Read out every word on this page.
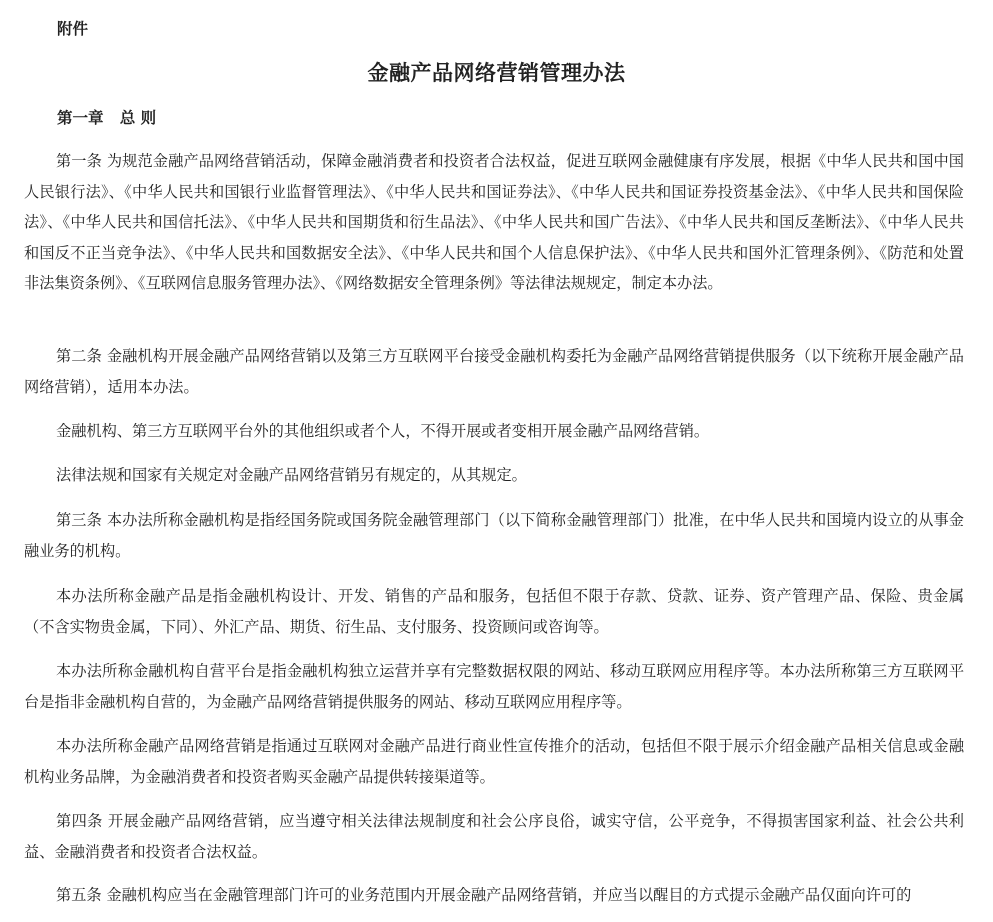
附件
金融产品网络营销管理办法
第一章   总 则

第一条 为规范金融产品网络营销活动，保障金融消费者和投资者合法权益，促进互联网金融健康有序发展，根据《中华人民共和国中国人民银行法》、《中华人民共和国银行业监督管理法》、《中华人民共和国证券法》、《中华人民共和国证券投资基金法》、《中华人民共和国保险法》、《中华人民共和国信托法》、《中华人民共和国期货和衍生品法》、《中华人民共和国广告法》、《中华人民共和国反垄断法》、《中华人民共和国反不正当竞争法》、《中华人民共和国数据安全法》、《中华人民共和国个人信息保护法》、《中华人民共和国外汇管理条例》、《防范和处置非法集资条例》、《互联网信息服务管理办法》、《网络数据安全管理条例》等法律法规规定，制定本办法。

第二条 金融机构开展金融产品网络营销以及第三方互联网平台接受金融机构委托为金融产品网络营销提供服务（以下统称开展金融产品网络营销），适用本办法。

金融机构、第三方互联网平台外的其他组织或者个人，不得开展或者变相开展金融产品网络营销。

法律法规和国家有关规定对金融产品网络营销另有规定的，从其规定。

第三条 本办法所称金融机构是指经国务院或国务院金融管理部门（以下简称金融管理部门）批准，在中华人民共和国境内设立的从事金融业务的机构。

本办法所称金融产品是指金融机构设计、开发、销售的产品和服务，包括但不限于存款、贷款、证券、资产管理产品、保险、贵金属（不含实物贵金属，下同）、外汇产品、期货、衍生品、支付服务、投资顾问或咨询等。

本办法所称金融机构自营平台是指金融机构独立运营并享有完整数据权限的网站、移动互联网应用程序等。本办法所称第三方互联网平台是指非金融机构自营的，为金融产品网络营销提供服务的网站、移动互联网应用程序等。

本办法所称金融产品网络营销是指通过互联网对金融产品进行商业性宣传推介的活动，包括但不限于展示介绍金融产品相关信息或金融机构业务品牌，为金融消费者和投资者购买金融产品提供转接渠道等。

第四条 开展金融产品网络营销，应当遵守相关法律法规制度和社会公序良俗，诚实守信，公平竞争，不得损害国家利益、社会公共利益、金融消费者和投资者合法权益。

第五条 金融机构应当在金融管理部门许可的业务范围内开展金融产品网络营销，并应当以醒目的方式提示金融产品仅面向许可的
